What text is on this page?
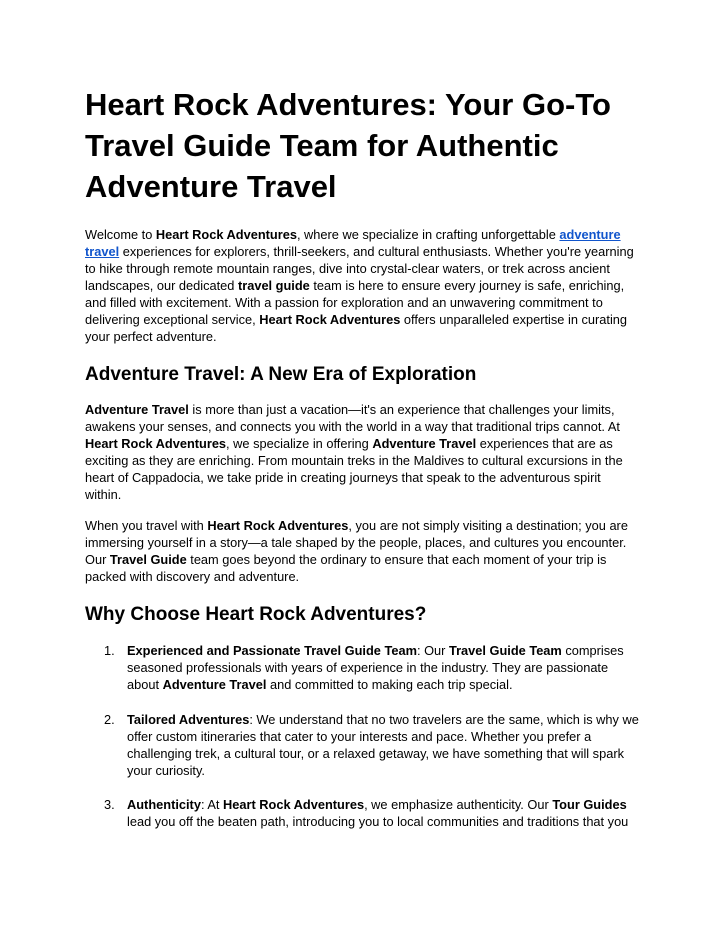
Heart Rock Adventures: Your Go-To Travel Guide Team for Authentic Adventure Travel

Welcome to Heart Rock Adventures, where we specialize in crafting unforgettable adventure travel experiences for explorers, thrill-seekers, and cultural enthusiasts. Whether you're yearning to hike through remote mountain ranges, dive into crystal-clear waters, or trek across ancient landscapes, our dedicated travel guide team is here to ensure every journey is safe, enriching, and filled with excitement. With a passion for exploration and an unwavering commitment to delivering exceptional service, Heart Rock Adventures offers unparalleled expertise in curating your perfect adventure.

Adventure Travel: A New Era of Exploration

Adventure Travel is more than just a vacation—it's an experience that challenges your limits, awakens your senses, and connects you with the world in a way that traditional trips cannot. At Heart Rock Adventures, we specialize in offering Adventure Travel experiences that are as exciting as they are enriching. From mountain treks in the Maldives to cultural excursions in the heart of Cappadocia, we take pride in creating journeys that speak to the adventurous spirit within.

When you travel with Heart Rock Adventures, you are not simply visiting a destination; you are immersing yourself in a story—a tale shaped by the people, places, and cultures you encounter. Our Travel Guide team goes beyond the ordinary to ensure that each moment of your trip is packed with discovery and adventure.

Why Choose Heart Rock Adventures?
1. Experienced and Passionate Travel Guide Team: Our Travel Guide Team comprises seasoned professionals with years of experience in the industry. They are passionate about Adventure Travel and committed to making each trip special.

2. Tailored Adventures: We understand that no two travelers are the same, which is why we offer custom itineraries that cater to your interests and pace. Whether you prefer a challenging trek, a cultural tour, or a relaxed getaway, we have something that will spark your curiosity.

3. Authenticity: At Heart Rock Adventures, we emphasize authenticity. Our Tour Guides lead you off the beaten path, introducing you to local communities and traditions that you
